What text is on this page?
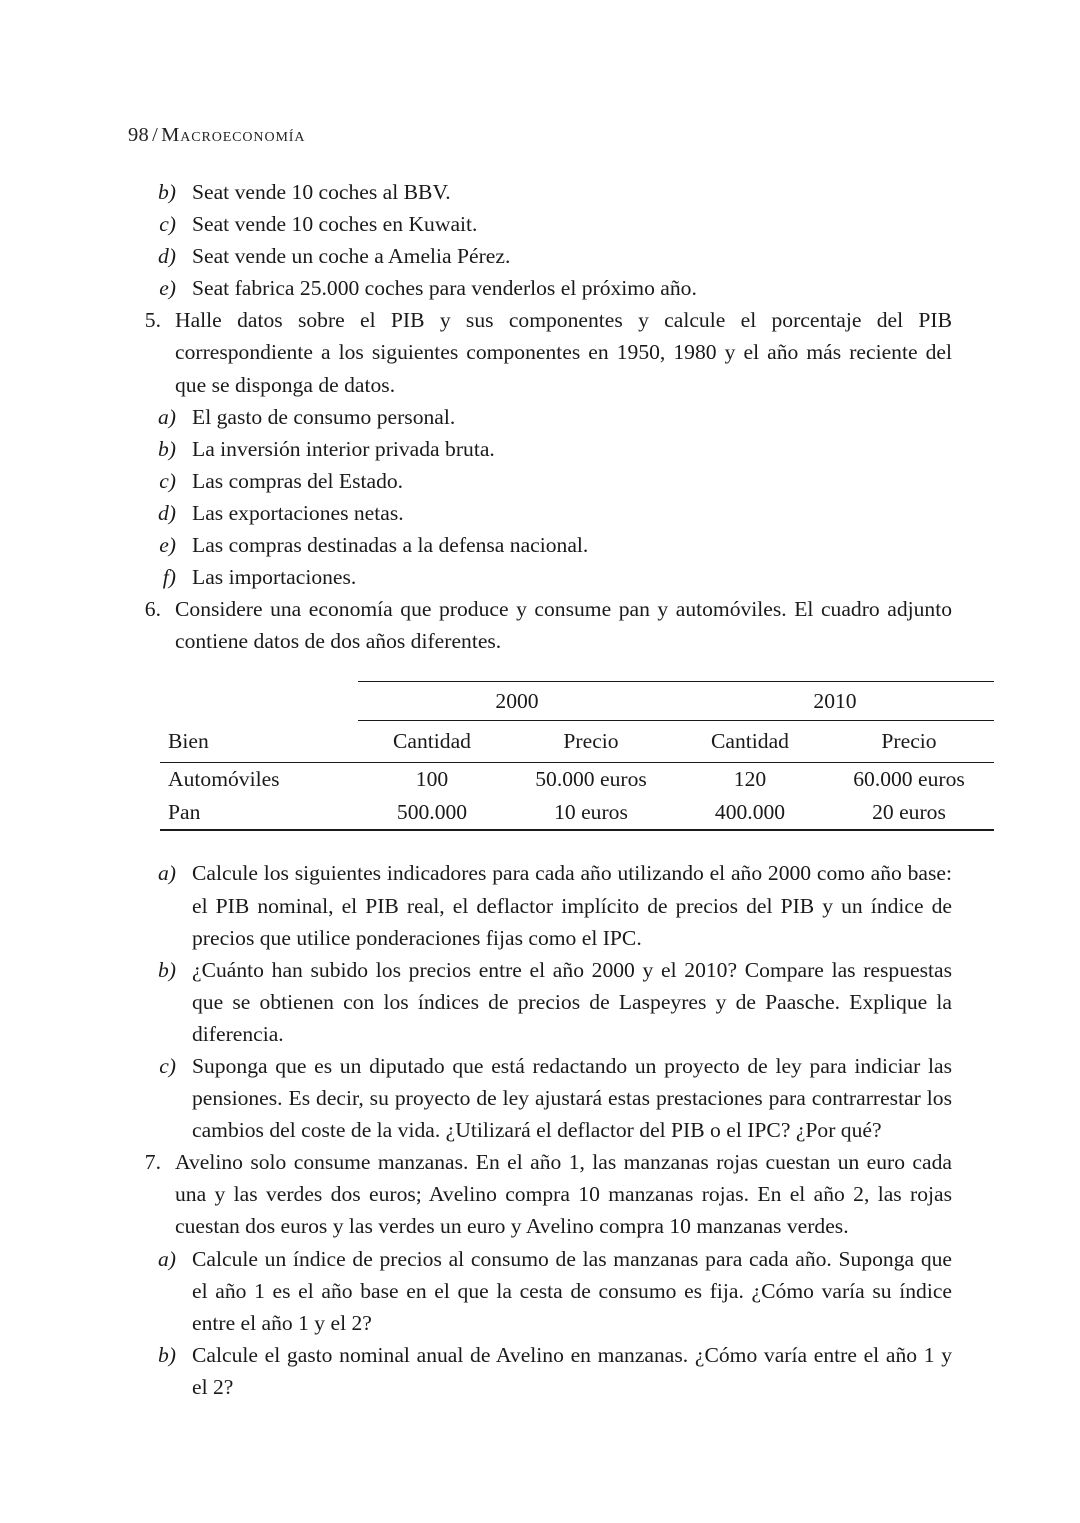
98 / Macroeconomía
b) Seat vende 10 coches al BBV.
c) Seat vende 10 coches en Kuwait.
d) Seat vende un coche a Amelia Pérez.
e) Seat fabrica 25.000 coches para venderlos el próximo año.
5. Halle datos sobre el PIB y sus componentes y calcule el porcentaje del PIB correspondiente a los siguientes componentes en 1950, 1980 y el año más reciente del que se disponga de datos.
a) El gasto de consumo personal.
b) La inversión interior privada bruta.
c) Las compras del Estado.
d) Las exportaciones netas.
e) Las compras destinadas a la defensa nacional.
f) Las importaciones.
6. Considere una economía que produce y consume pan y automóviles. El cuadro adjunto contiene datos de dos años diferentes.
	2000		2010	
Bien	Cantidad	Precio	Cantidad	Precio
Automóviles	100	50.000 euros	120	60.000 euros
Pan	500.000	10 euros	400.000	20 euros
a) Calcule los siguientes indicadores para cada año utilizando el año 2000 como año base: el PIB nominal, el PIB real, el deflactor implícito de precios del PIB y un índice de precios que utilice ponderaciones fijas como el IPC.
b) ¿Cuánto han subido los precios entre el año 2000 y el 2010? Compare las respuestas que se obtienen con los índices de precios de Laspeyres y de Paasche. Explique la diferencia.
c) Suponga que es un diputado que está redactando un proyecto de ley para indiciar las pensiones. Es decir, su proyecto de ley ajustará estas prestaciones para contrarrestar los cambios del coste de la vida. ¿Utilizará el deflactor del PIB o el IPC? ¿Por qué?
7. Avelino solo consume manzanas. En el año 1, las manzanas rojas cuestan un euro cada una y las verdes dos euros; Avelino compra 10 manzanas rojas. En el año 2, las rojas cuestan dos euros y las verdes un euro y Avelino compra 10 manzanas verdes.
a) Calcule un índice de precios al consumo de las manzanas para cada año. Suponga que el año 1 es el año base en el que la cesta de consumo es fija. ¿Cómo varía su índice entre el año 1 y el 2?
b) Calcule el gasto nominal anual de Avelino en manzanas. ¿Cómo varía entre el año 1 y el 2?
